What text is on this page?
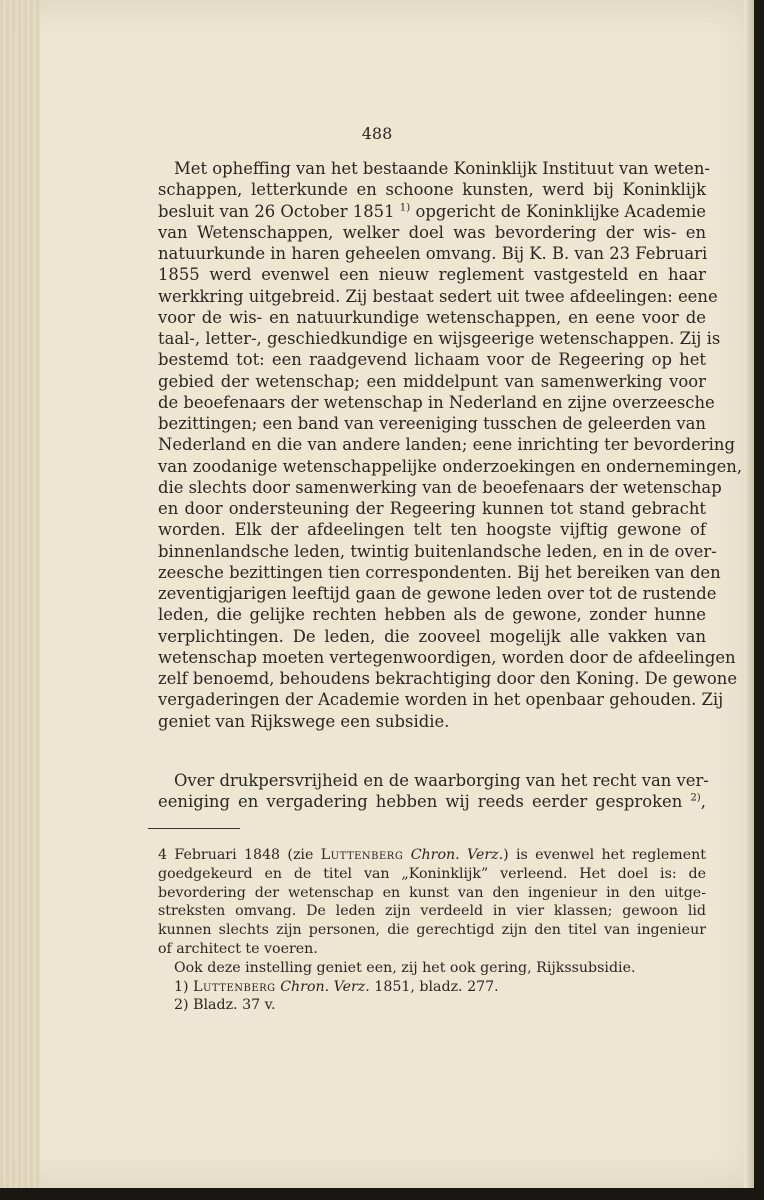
488
Met opheffing van het bestaande Koninklijk Instituut van weten-
schappen, letterkunde en schoone kunsten, werd bij Koninklijk
besluit van 26 October 1851 $^{1)}$ opgericht de Koninklijke Academie
van Wetenschappen, welker doel was bevordering der wis- en
natuurkunde in haren geheelen omvang. Bij K. B. van 23 Februari
1855 werd evenwel een nieuw reglement vastgesteld en haar
werkkring uitgebreid. Zij bestaat sedert uit twee afdeelingen: eene
voor de wis- en natuurkundige wetenschappen, en eene voor de
taal-, letter-, geschiedkundige en wijsgeerige wetenschappen. Zij is
bestemd tot: een raadgevend lichaam voor de Regeering op het
gebied der wetenschap; een middelpunt van samenwerking voor
de beoefenaars der wetenschap in Nederland en zijne overzeesche
bezittingen; een band van vereeniging tusschen de geleerden van
Nederland en die van andere landen; eene inrichting ter bevordering
van zoodanige wetenschappelijke onderzoekingen en ondernemingen,
die slechts door samenwerking van de beoefenaars der wetenschap
en door ondersteuning der Regeering kunnen tot stand gebracht
worden. Elk der afdeelingen telt ten hoogste vijftig gewone of
binnenlandsche leden, twintig buitenlandsche leden, en in de over-
zeesche bezittingen tien correspondenten. Bij het bereiken van den
zeventigjarigen leeftijd gaan de gewone leden over tot de rustende
leden, die gelijke rechten hebben als de gewone, zonder hunne
verplichtingen. De leden, die zooveel mogelijk alle vakken van
wetenschap moeten vertegenwoordigen, worden door de afdeelingen
zelf benoemd, behoudens bekrachtiging door den Koning. De gewone
vergaderingen der Academie worden in het openbaar gehouden. Zij
geniet van Rijkswege een subsidie.
Over drukpersvrijheid en de waarborging van het recht van ver-
eeniging en vergadering hebben wij reeds eerder gesproken $^{2)}$,
4 Februari 1848 (zie Luttenberg Chron. Verz.) is evenwel het reglement
goedgekeurd en de titel van „Koninklijk” verleend. Het doel is: de
bevordering der wetenschap en kunst van den ingenieur in den uitge-
streksten omvang. De leden zijn verdeeld in vier klassen; gewoon lid
kunnen slechts zijn personen, die gerechtigd zijn den titel van ingenieur
of architect te voeren.
Ook deze instelling geniet een, zij het ook gering, Rijkssubsidie.
1) Luttenberg Chron. Verz. 1851, bladz. 277.
2) Bladz. 37 v.
